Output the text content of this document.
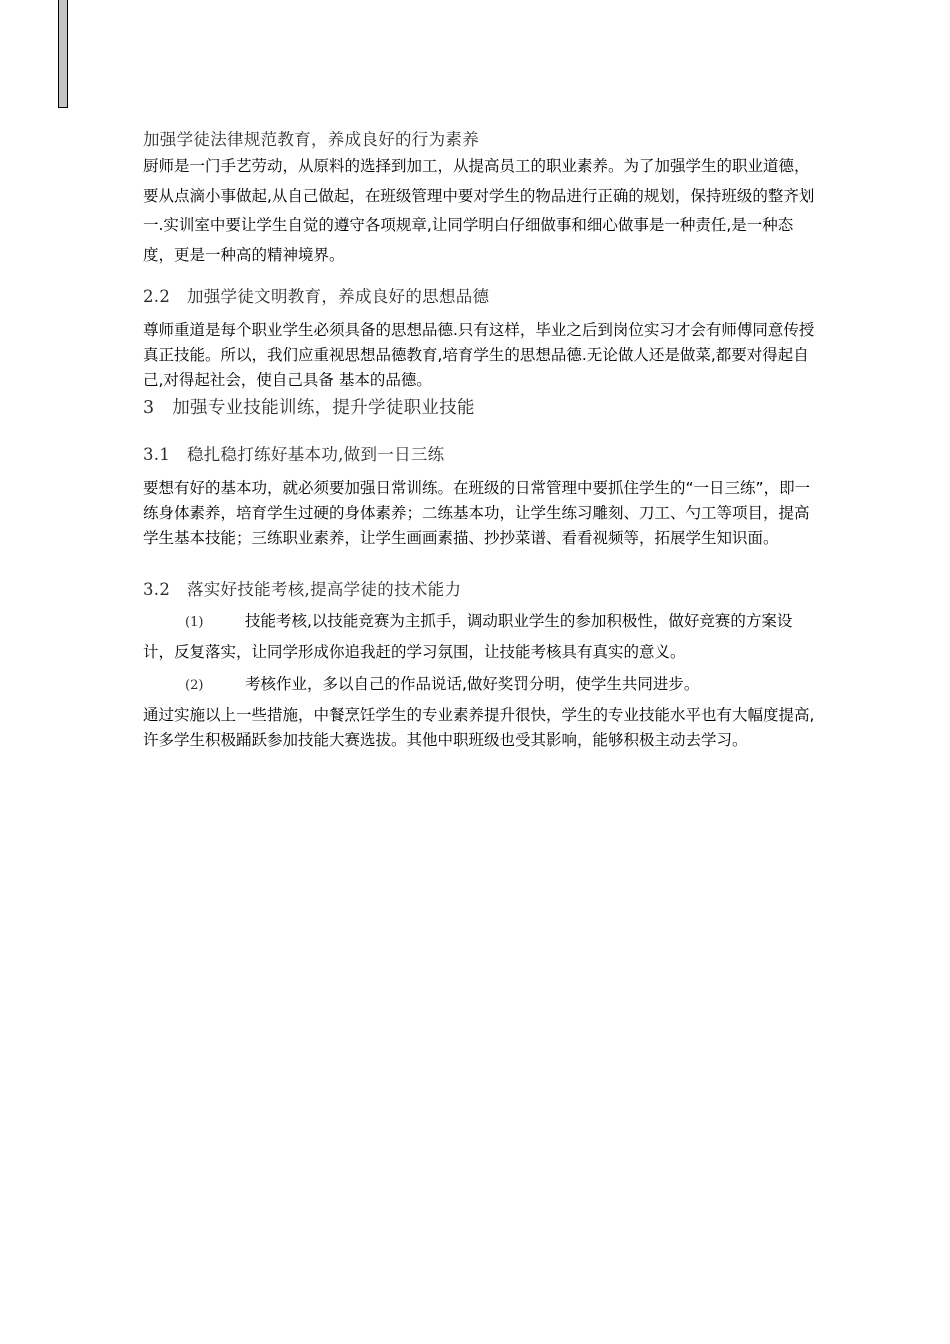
加强学徒法律规范教育，养成良好的行为素养

厨师是一门手艺劳动，从原料的选择到加工，从提高员工的职业素养。为了加强学生的职业道德，要从点滴小事做起,从自己做起，在班级管理中要对学生的物品进行正确的规划，保持班级的整齐划一.实训室中要让学生自觉的遵守各项规章,让同学明白仔细做事和细心做事是一种责任,是一种态度，更是一种高的精神境界。

2.2　加强学徒文明教育，养成良好的思想品德

尊师重道是每个职业学生必须具备的思想品德.只有这样，毕业之后到岗位实习才会有师傅同意传授真正技能。所以，我们应重视思想品德教育,培育学生的思想品德.无论做人还是做菜,都要对得起自己,对得起社会，使自己具备 基本的品德。

3　加强专业技能训练，提升学徒职业技能
3.1　稳扎稳打练好基本功,做到一日三练

要想有好的基本功，就必须要加强日常训练。在班级的日常管理中要抓住学生的“一日三练”，即一练身体素养，培育学生过硬的身体素养；二练基本功，让学生练习雕刻、刀工、勺工等项目，提高学生基本技能；三练职业素养，让学生画画素描、抄抄菜谱、看看视频等，拓展学生知识面。

3.2　落实好技能考核,提高学徒的技术能力

(1)	技能考核,以技能竞赛为主抓手，调动职业学生的参加积极性，做好竞赛的方案设计，反复落实，让同学形成你追我赶的学习氛围，让技能考核具有真实的意义。

(2)	考核作业，多以自己的作品说话,做好奖罚分明，使学生共同进步。

通过实施以上一些措施，中餐烹饪学生的专业素养提升很快，学生的专业技能水平也有大幅度提高,许多学生积极踊跃参加技能大赛选拔。其他中职班级也受其影响，能够积极主动去学习。
